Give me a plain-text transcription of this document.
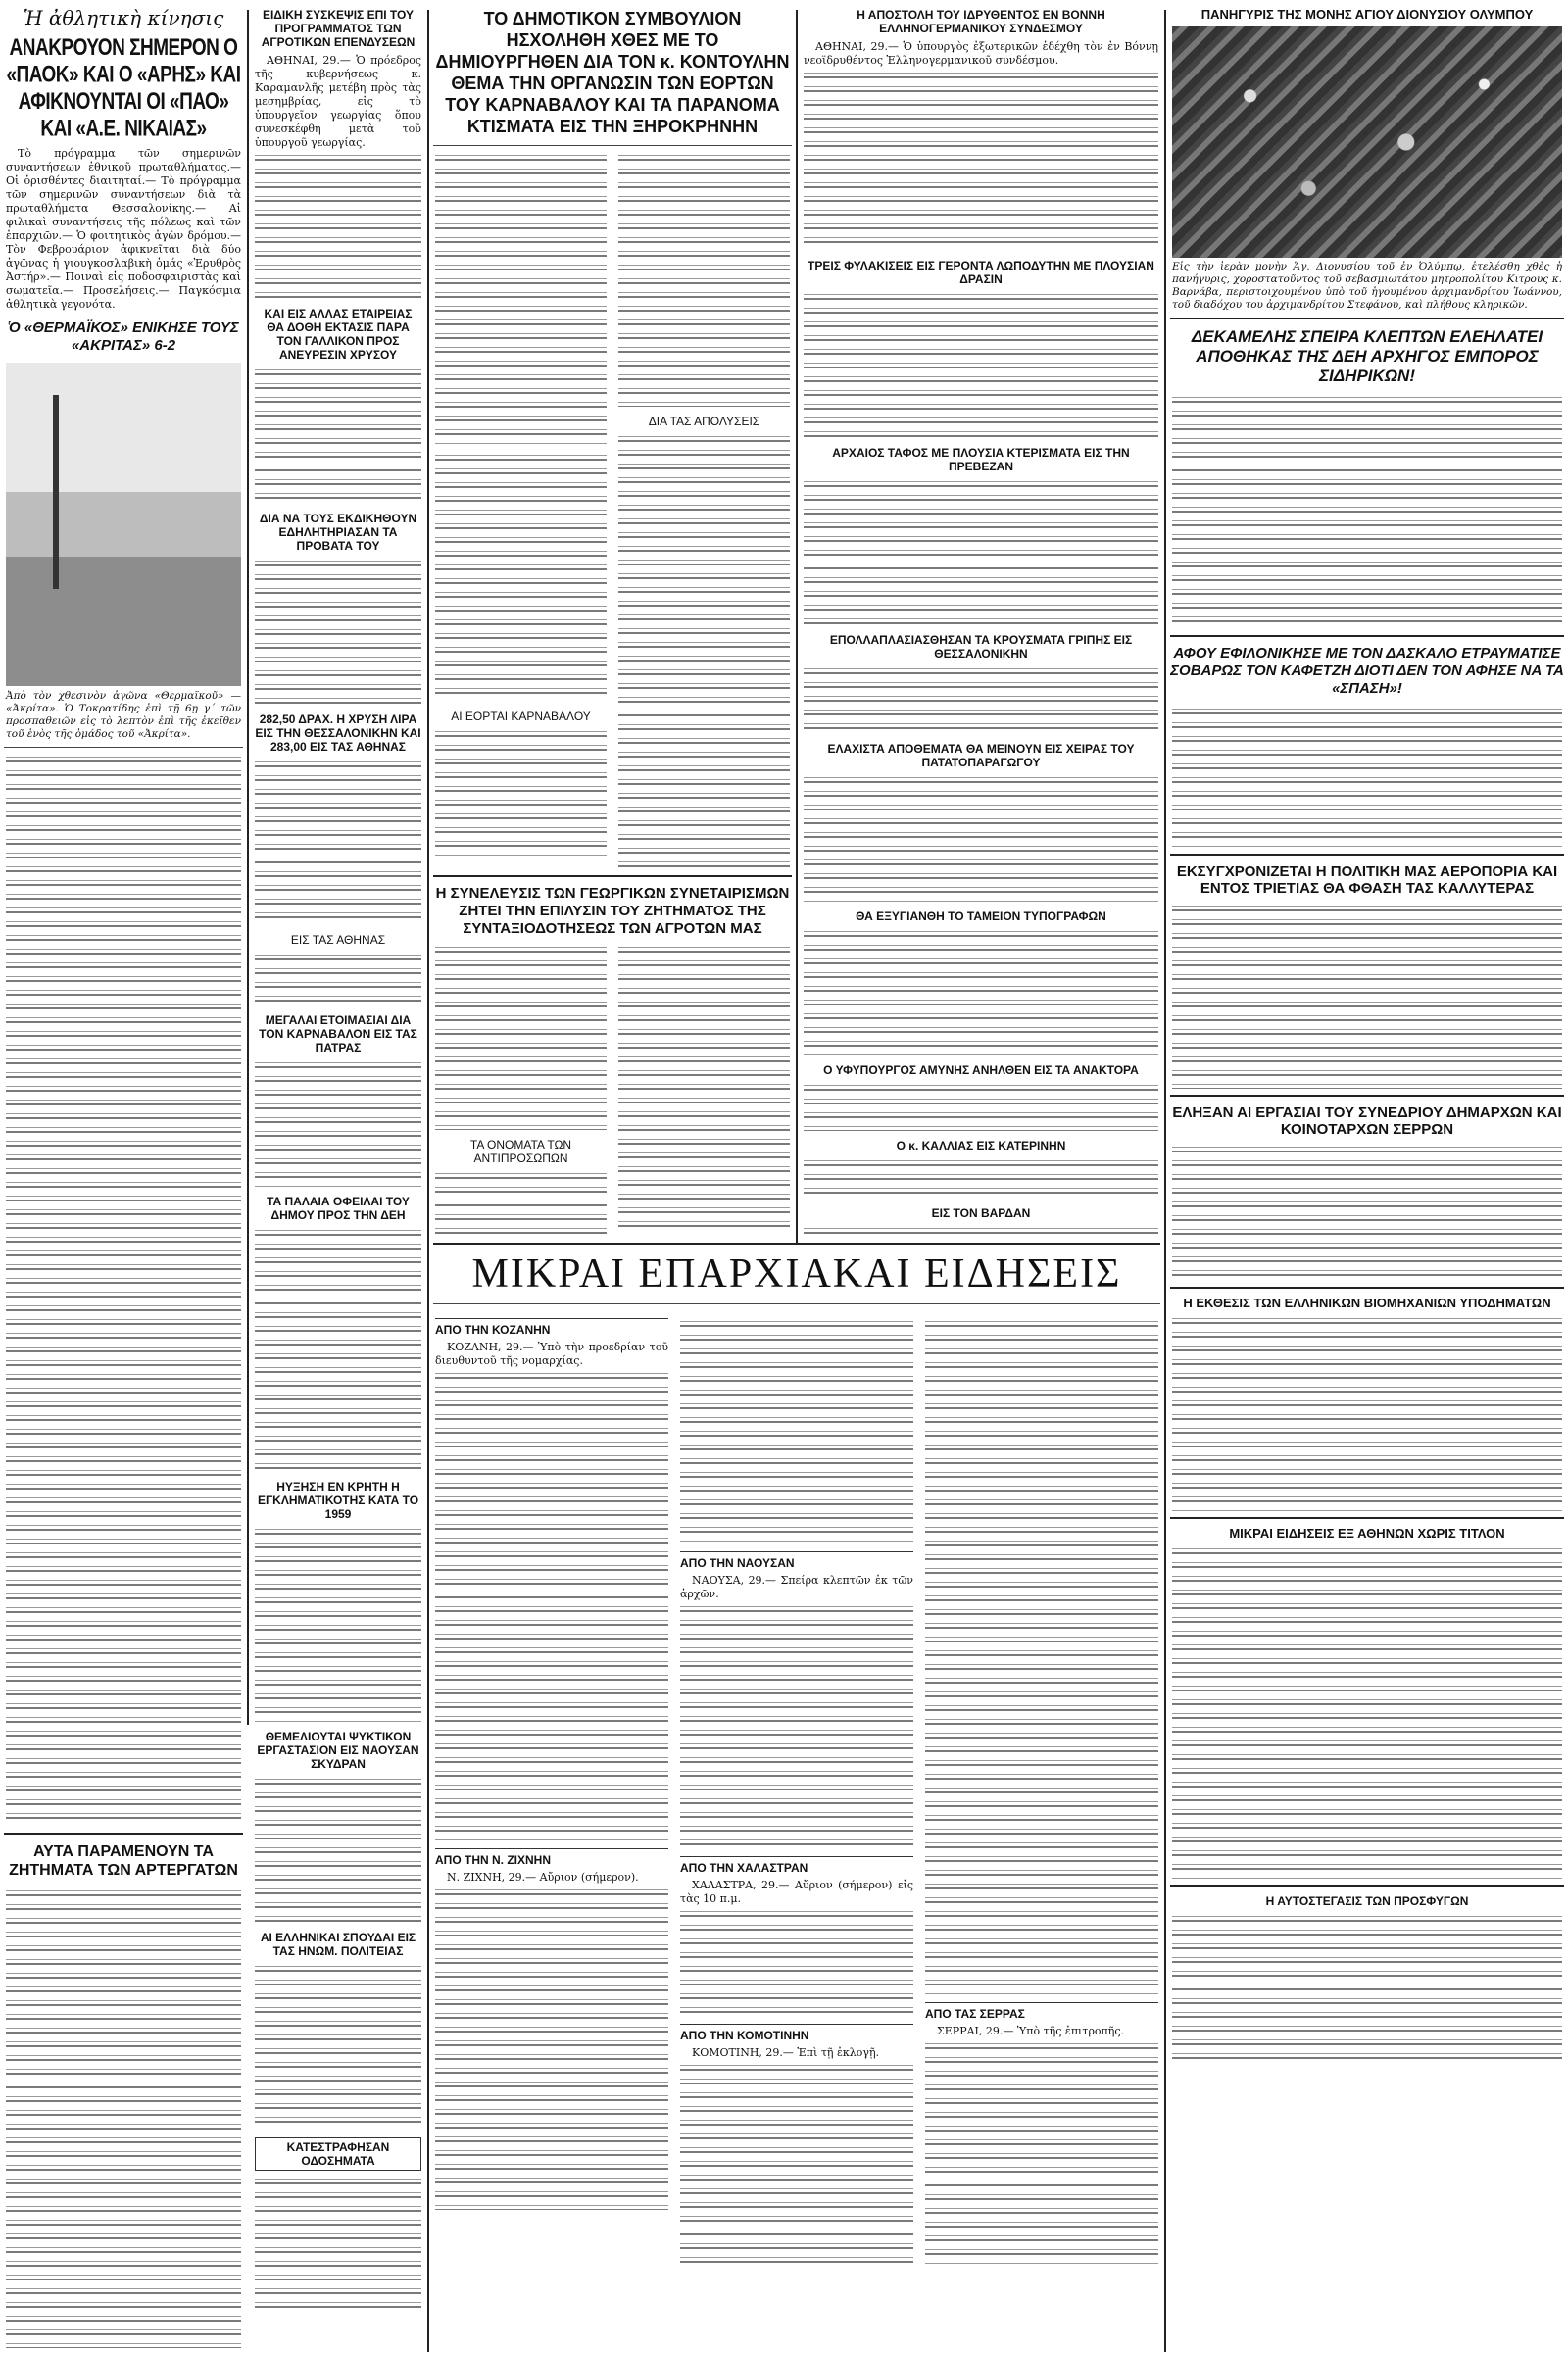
Ἡ ἀθλητικὴ κίνησις
ΑΝΑΚΡΟΥΟΝ ΣΗΜΕΡΟΝ Ο «ΠΑΟΚ» ΚΑΙ Ο «ΑΡΗΣ» ΚΑΙ ΑΦΙΚΝΟΥΝΤΑΙ ΟΙ «ΠΑΟ» ΚΑΙ «Α.Ε. ΝΙΚΑΙΑΣ»

Τὸ πρόγραμμα τῶν σημερινῶν συναντήσεων ἐθνικοῦ πρωταθλήματος.— Οἱ ὁρισθέντες διαιτηταί.— Τὸ πρόγραμμα τῶν σημερινῶν συναντήσεων διὰ τὰ πρωταθλήματα Θεσσαλονίκης.— Αἱ φιλικαὶ συναντήσεις τῆς πόλεως καὶ τῶν ἐπαρχιῶν.— Ὁ φοιτητικὸς ἀγὼν δρόμου.— Τὸν Φεβρουάριον ἀφικνεῖται διὰ δύο ἀγῶνας ἡ γιουγκοσλαβικὴ ὁμάς «Ἐρυθρὸς Ἀστήρ».— Ποιναὶ εἰς ποδοσφαιριστὰς καὶ σωματεῖα.— Προσελήσεις.— Παγκόσμια ἀθλητικὰ γεγονότα.

Ὁ «ΘΕΡΜΑΪΚΟΣ» ΕΝΙΚΗΣΕ ΤΟΥΣ «ΑΚΡΙΤΑΣ» 6-2
Ἀπὸ τὸν χθεσινὸν ἀγῶνα «Θερμαϊκοῦ» — «Ἀκρίτα». Ὁ Τοκρατίδης ἐπὶ τῇ 6ῃ γ΄ τῶν προσπαθειῶν εἰς τὸ λεπτὸν ἐπὶ τῆς ἐκεῖθεν τοῦ ἑνὸς τῆς ὁμάδος τοῦ «Ἀκρίτα».
ΑΥΤΑ ΠΑΡΑΜΕΝΟΥΝ ΤΑ ΖΗΤΗΜΑΤΑ ΤΩΝ ΑΡΤΕΡΓΑΤΩΝ
ΕΙΔΙΚΗ ΣΥΣΚΕΨΙΣ ΕΠΙ ΤΟΥ ΠΡΟΓΡΑΜΜΑΤΟΣ ΤΩΝ ΑΓΡΟΤΙΚΩΝ ΕΠΕΝΔΥΣΕΩΝ

ΑΘΗΝΑΙ, 29.— Ὁ πρόεδρος τῆς κυβερνήσεως κ. Καραμανλῆς μετέβη πρὸς τὰς μεσημβρίας, εἰς τὸ ὑπουργεῖον γεωργίας ὅπου συνεσκέφθη μετὰ τοῦ ὑπουργοῦ γεωργίας.

ΚΑΙ ΕΙΣ ΑΛΛΑΣ ΕΤΑΙΡΕΙΑΣ ΘΑ ΔΟΘΗ ΕΚΤΑΣΙΣ ΠΑΡΑ ΤΟΝ ΓΑΛΛΙΚΟΝ ΠΡΟΣ ΑΝΕΥΡΕΣΙΝ ΧΡΥΣΟΥ
ΔΙΑ ΝΑ ΤΟΥΣ ΕΚΔΙΚΗΘΟΥΝ ΕΔΗΛΗΤΗΡΙΑΣΑΝ ΤΑ ΠΡΟΒΑΤΑ ΤΟΥ
282,50 ΔΡΑΧ. Η ΧΡΥΣΗ ΛΙΡΑ ΕΙΣ ΤΗΝ ΘΕΣΣΑΛΟΝΙΚΗΝ ΚΑΙ 283,00 ΕΙΣ ΤΑΣ ΑΘΗΝΑΣ
ΕΙΣ ΤΑΣ ΑΘΗΝΑΣ
ΜΕΓΑΛΑΙ ΕΤΟΙΜΑΣΙΑΙ ΔΙΑ ΤΟΝ ΚΑΡΝΑΒΑΛΟΝ ΕΙΣ ΤΑΣ ΠΑΤΡΑΣ
ΤΑ ΠΑΛΑΙΑ ΟΦΕΙΛΑΙ ΤΟΥ ΔΗΜΟΥ ΠΡΟΣ ΤΗΝ ΔΕΗ
ΗΥΞΗΣΗ ΕΝ ΚΡΗΤΗ Η ΕΓΚΛΗΜΑΤΙΚΟΤΗΣ ΚΑΤΑ ΤΟ 1959
ΘΕΜΕΛΙΟΥΤΑΙ ΨΥΚΤΙΚΟΝ ΕΡΓΑΣΤΑΣΙΟΝ ΕΙΣ ΝΑΟΥΣΑΝ ΣΚΥΔΡΑΝ
ΑΙ ΕΛΛΗΝΙΚΑΙ ΣΠΟΥΔΑΙ ΕΙΣ ΤΑΣ ΗΝΩΜ. ΠΟΛΙΤΕΙΑΣ
ΚΑΤΕΣΤΡΑΦΗΣΑΝ ΟΔΟΣΗΜΑΤΑ
ΤΟ ΔΗΜΟΤΙΚΟΝ ΣΥΜΒΟΥΛΙΟΝ ΗΣΧΟΛΗΘΗ ΧΘΕΣ ΜΕ ΤΟ ΔΗΜΙΟΥΡΓΗΘΕΝ ΔΙΑ ΤΟΝ κ. ΚΟΝΤΟΥΛΗΝ ΘΕΜΑ ΤΗΝ ΟΡΓΑΝΩΣΙΝ ΤΩΝ ΕΟΡΤΩΝ ΤΟΥ ΚΑΡΝΑΒΑΛΟΥ ΚΑΙ ΤΑ ΠΑΡΑΝΟΜΑ ΚΤΙΣΜΑΤΑ ΕΙΣ ΤΗΝ ΞΗΡΟΚΡΗΝΗΝ
ΑΙ ΕΟΡΤΑΙ ΚΑΡΝΑΒΑΛΟΥ
ΔΙΑ ΤΑΣ ΑΠΟΛΥΣΕΙΣ
Η ΣΥΝΕΛΕΥΣΙΣ ΤΩΝ ΓΕΩΡΓΙΚΩΝ ΣΥΝΕΤΑΙΡΙΣΜΩΝ ΖΗΤΕΙ ΤΗΝ ΕΠΙΛΥΣΙΝ ΤΟΥ ΖΗΤΗΜΑΤΟΣ ΤΗΣ ΣΥΝΤΑΞΙΟΔΟΤΗΣΕΩΣ ΤΩΝ ΑΓΡΟΤΩΝ ΜΑΣ
ΤΑ ΟΝΟΜΑΤΑ ΤΩΝ ΑΝΤΙΠΡΟΣΩΠΩΝ
Η ΑΠΟΣΤΟΛΗ ΤΟΥ ΙΔΡΥΘΕΝΤΟΣ ΕΝ ΒΟΝΝΗ ΕΛΛΗΝΟΓΕΡΜΑΝΙΚΟΥ ΣΥΝΔΕΣΜΟΥ

ΑΘΗΝΑΙ, 29.— Ὁ ὑπουργὸς ἐξωτερικῶν ἐδέχθη τὸν ἐν Βόννῃ νεοϊδρυθέντος Ἑλληνογερμανικοῦ συνδέσμου.

ΤΡΕΙΣ ΦΥΛΑΚΙΣΕΙΣ ΕΙΣ ΓΕΡΟΝΤΑ ΛΩΠΟΔΥΤΗΝ ΜΕ ΠΛΟΥΣΙΑΝ ΔΡΑΣΙΝ
ΑΡΧΑΙΟΣ ΤΑΦΟΣ ΜΕ ΠΛΟΥΣΙΑ ΚΤΕΡΙΣΜΑΤΑ ΕΙΣ ΤΗΝ ΠΡΕΒΕΖΑΝ
ΕΠΟΛΛΑΠΛΑΣΙΑΣΘΗΣΑΝ ΤΑ ΚΡΟΥΣΜΑΤΑ ΓΡΙΠΗΣ ΕΙΣ ΘΕΣΣΑΛΟΝΙΚΗΝ
ΕΛΑΧΙΣΤΑ ΑΠΟΘΕΜΑΤΑ ΘΑ ΜΕΙΝΟΥΝ ΕΙΣ ΧΕΙΡΑΣ ΤΟΥ ΠΑΤΑΤΟΠΑΡΑΓΩΓΟΥ
ΘΑ ΕΞΥΓΙΑΝΘΗ ΤΟ ΤΑΜΕΙΟΝ ΤΥΠΟΓΡΑΦΩΝ
Ο ΥΦΥΠΟΥΡΓΟΣ ΑΜΥΝΗΣ ΑΝΗΛΘΕΝ ΕΙΣ ΤΑ ΑΝΑΚΤΟΡΑ
Ο κ. ΚΑΛΛΙΑΣ ΕΙΣ ΚΑΤΕΡΙΝΗΝ
ΕΙΣ ΤΟΝ ΒΑΡΔΑΝ
ΠΑΝΗΓΥΡΙΣ ΤΗΣ ΜΟΝΗΣ ΑΓΙΟΥ ΔΙΟΝΥΣΙΟΥ ΟΛΥΜΠΟΥ
Εἰς τὴν ἱερὰν μονὴν Ἁγ. Διονυσίου τοῦ ἐν Ὀλύμπῳ, ἐτελέσθη χθὲς ἡ πανήγυρις, χοροστατοῦντος τοῦ σεβασμιωτάτου μητροπολίτου Κιτρους κ. Βαρνάβα, περιστοιχουμένου ὑπὸ τοῦ ἡγουμένου ἀρχιμανδρίτου Ἰωάννου, τοῦ διαδόχου του ἀρχιμανδρίτου Στεφάνου, καὶ πλήθους κληρικῶν.
ΔΕΚΑΜΕΛΗΣ ΣΠΕΙΡΑ ΚΛΕΠΤΩΝ ΕΛΕΗΛΑΤΕΙ ΑΠΟΘΗΚΑΣ ΤΗΣ ΔΕΗ ΑΡΧΗΓΟΣ ΕΜΠΟΡΟΣ ΣΙΔΗΡΙΚΩΝ!
ΑΦΟΥ ΕΦΙΛΟΝΙΚΗΣΕ ΜΕ ΤΟΝ ΔΑΣΚΑΛΟ ΕΤΡΑΥΜΑΤΙΣΕ ΣΟΒΑΡΩΣ ΤΟΝ ΚΑΦΕΤΖΗ ΔΙΟΤΙ ΔΕΝ ΤΟΝ ΑΦΗΣΕ ΝΑ ΤΑ «ΣΠΑΣΗ»!
ΕΚΣΥΓΧΡΟΝΙΖΕΤΑΙ Η ΠΟΛΙΤΙΚΗ ΜΑΣ ΑΕΡΟΠΟΡΙΑ ΚΑΙ ΕΝΤΟΣ ΤΡΙΕΤΙΑΣ ΘΑ ΦΘΑΣΗ ΤΑΣ ΚΑΛΛΥΤΕΡΑΣ
ΕΛΗΞΑΝ ΑΙ ΕΡΓΑΣΙΑΙ ΤΟΥ ΣΥΝΕΔΡΙΟΥ ΔΗΜΑΡΧΩΝ ΚΑΙ ΚΟΙΝΟΤΑΡΧΩΝ ΣΕΡΡΩΝ
Η ΕΚΘΕΣΙΣ ΤΩΝ ΕΛΛΗΝΙΚΩΝ ΒΙΟΜΗΧΑΝΙΩΝ ΥΠΟΔΗΜΑΤΩΝ
ΜΙΚΡΑΙ ΕΙΔΗΣΕΙΣ ΕΞ ΑΘΗΝΩΝ ΧΩΡΙΣ ΤΙΤΛΟΝ
Η ΑΥΤΟΣΤΕΓΑΣΙΣ ΤΩΝ ΠΡΟΣΦΥΓΩΝ
ΜΙΚΡΑΙ ΕΠΑΡΧΙΑΚΑΙ ΕΙΔΗΣΕΙΣ
ΑΠΟ ΤΗΝ ΚΟΖΑΝΗΝ

ΚΟΖΑΝΗ, 29.— Ὑπὸ τὴν προεδρίαν τοῦ διευθυντοῦ τῆς νομαρχίας.

ΑΠΟ ΤΗΝ Ν. ΖΙΧΝΗΝ

Ν. ΖΙΧΝΗ, 29.— Αὔριον (σήμερον).

ΑΠΟ ΤΗΝ ΝΑΟΥΣΑΝ

ΝΑΟΥΣΑ, 29.— Σπείρα κλεπτῶν ἐκ τῶν ἀρχῶν.

ΑΠΟ ΤΗΝ ΧΑΛΑΣΤΡΑΝ

ΧΑΛΑΣΤΡΑ, 29.— Αὔριον (σήμερον) εἰς τὰς 10 π.μ.

ΑΠΟ ΤΗΝ ΚΟΜΟΤΙΝΗΝ

ΚΟΜΟΤΙΝΗ, 29.— Ἐπὶ τῇ ἐκλογῇ.

ΑΠΟ ΤΑΣ ΣΕΡΡΑΣ

ΣΕΡΡΑΙ, 29.— Ὑπὸ τῆς ἐπιτροπῆς.
